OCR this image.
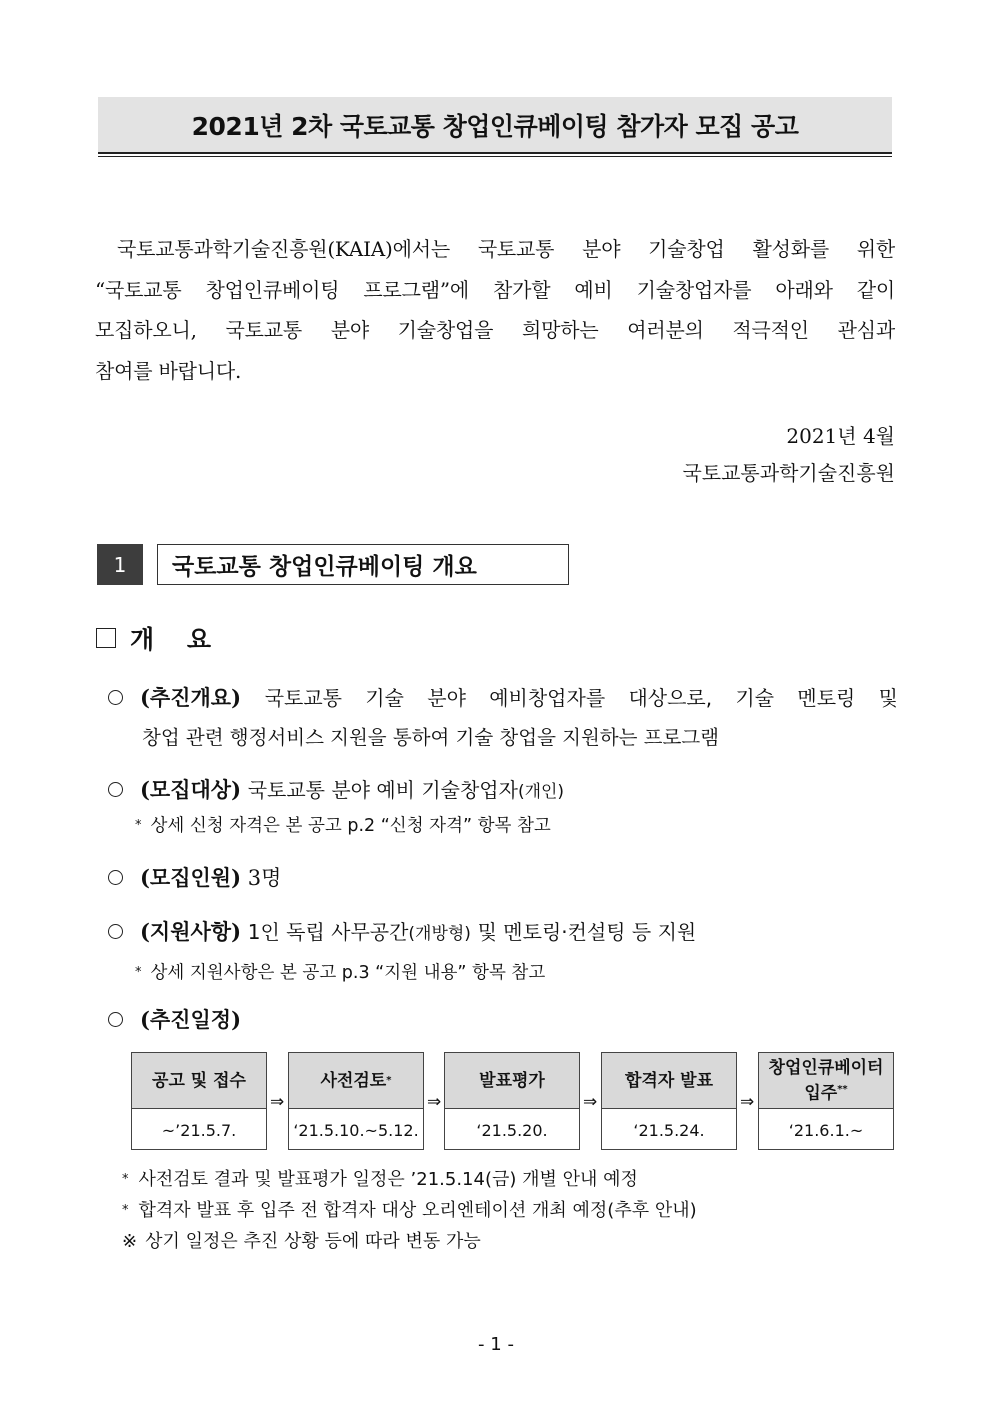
2021년 2차 국토교통 창업인큐베이팅 참가자 모집 공고
국토교통과학기술진흥원(KAIA)에서는 국토교통 분야 기술창업 활성화를 위한
“국토교통 창업인큐베이팅 프로그램”에 참가할 예비 기술창업자를 아래와 같이
모집하오니, 국토교통 분야 기술창업을 희망하는 여러분의 적극적인 관심과
참여를 바랍니다.
2021년 4월
국토교통과학기술진흥원
1	국토교통 창업인큐베이팅 개요
개 요
(추진개요) 국토교통 기술 분야 예비창업자를 대상으로, 기술 멘토링 및
창업 관련 행정서비스 지원을 통하여 기술 창업을 지원하는 프로그램
(모집대상) 국토교통 분야 예비 기술창업자(개인)
* 상세 신청 자격은 본 공고 p.2 “신청 자격” 항목 참고
(모집인원) 3명
(지원사항) 1인 독립 사무공간(개방형) 및 멘토링·컨설팅 등 지원
* 상세 지원사항은 본 공고 p.3 “지원 내용” 항목 참고
(추진일정)
공고 및 접수
~’21.5.7.
⇒
사전검토 *
‘21.5.10.~5.12.
⇒
발표평가
‘21.5.20.
⇒
합격자 발표
‘21.5.24.
⇒
창업인큐베이터 입주**
‘21.6.1.~
* 사전검토 결과 및 발표평가 일정은 ’21.5.14(금) 개별 안내 예정
* 합격자 발표 후 입주 전 합격자 대상 오리엔테이션 개최 예정(추후 안내)
※ 상기 일정은 추진 상황 등에 따라 변동 가능
- 1 -
